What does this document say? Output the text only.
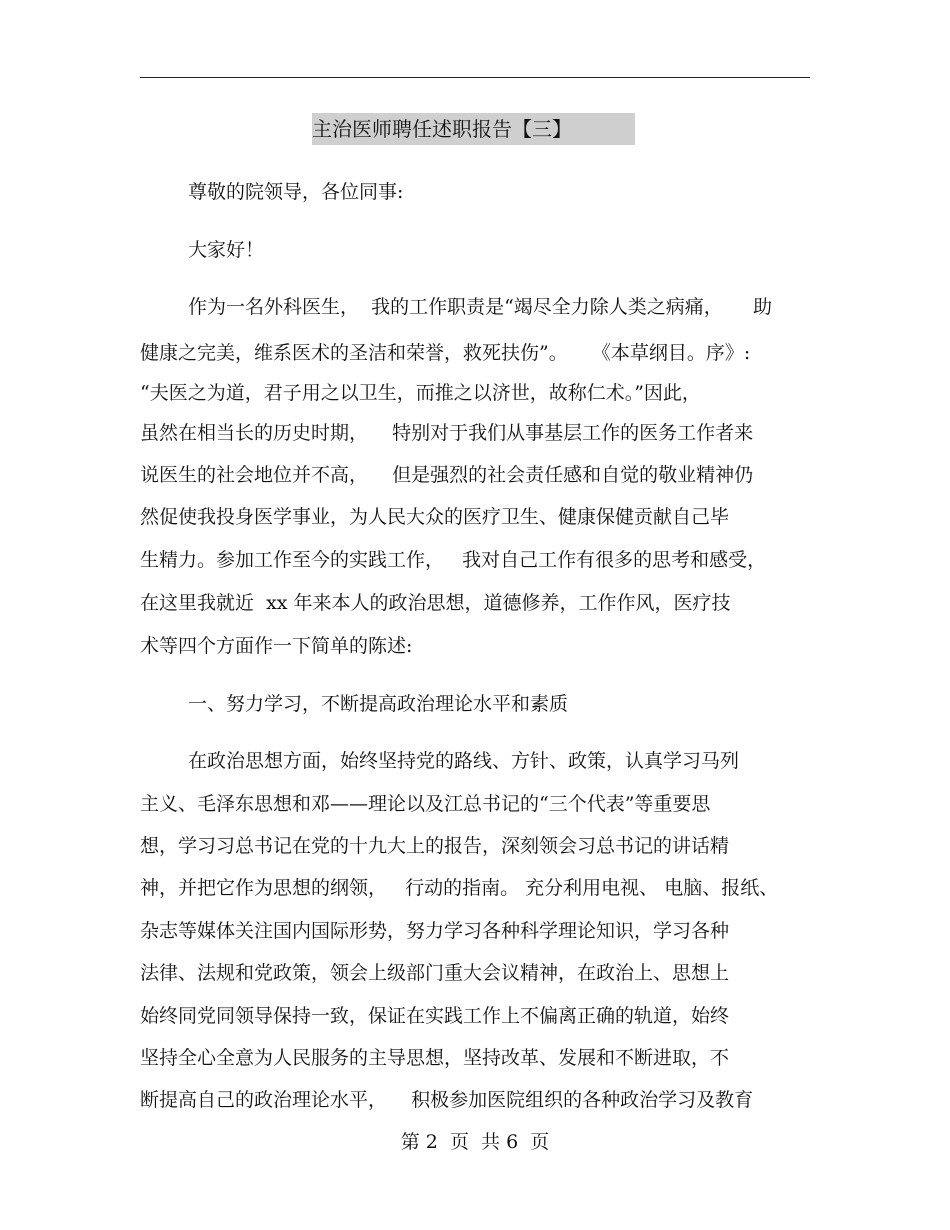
主治医师聘任述职报告【三】
尊敬的院领导，各位同事:
大家好！
作为一名外科医生，  我的工作职责是“竭尽全力除人类之病痛，     助
健康之完美，维系医术的圣洁和荣誉，救死扶伤”。    《本草纲目。序》:
“夫医之为道，君子用之以卫生，而推之以济世，故称仁术。”因此，
虽然在相当长的历史时期，    特别对于我们从事基层工作的医务工作者来
说医生的社会地位并不高，    但是强烈的社会责任感和自觉的敬业精神仍
然促使我投身医学事业，为人民大众的医疗卫生、健康保健贡献自己毕
生精力。参加工作至今的实践工作，   我对自己工作有很多的思考和感受，
在这里我就近  xx 年来本人的政治思想，道德修养，工作作风，医疗技
术等四个方面作一下简单的陈述:
一、努力学习，不断提高政治理论水平和素质
在政治思想方面，始终坚持党的路线、方针、政策，认真学习马列
主义、毛泽东思想和邓——理论以及江总书记的“三个代表”等重要思
想，学习习总书记在党的十九大上的报告，深刻领会习总书记的讲话精
神，并把它作为思想的纲领，   行动的指南。 充分利用电视、 电脑、报纸、
杂志等媒体关注国内国际形势，努力学习各种科学理论知识，学习各种
法律、法规和党政策，领会上级部门重大会议精神，在政治上、思想上
始终同党同领导保持一致，保证在实践工作上不偏离正确的轨道，始终
坚持全心全意为人民服务的主导思想，坚持改革、发展和不断进取，不
断提高自己的政治理论水平，    积极参加医院组织的各种政治学习及教育
第 2  页  共 6  页
